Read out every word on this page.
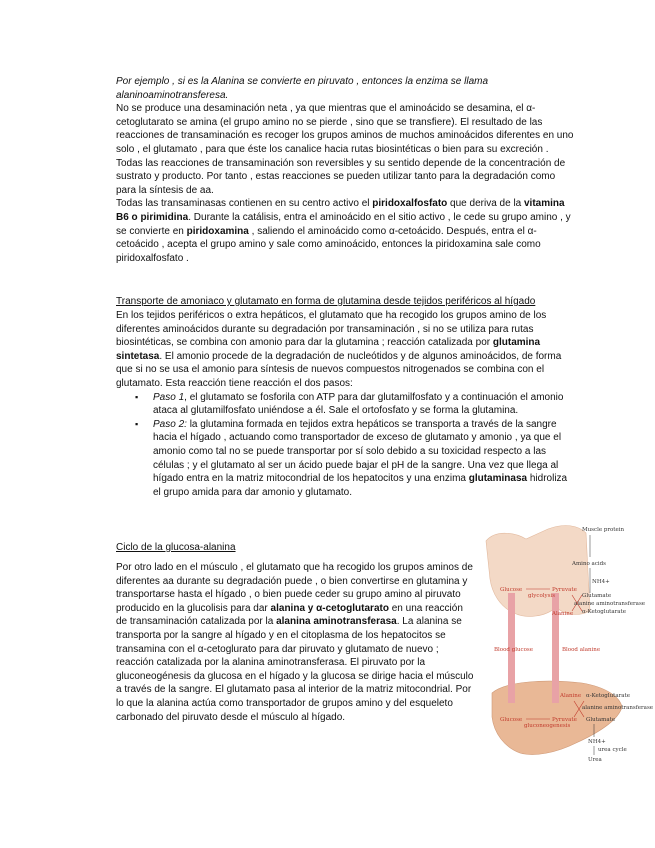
Por ejemplo , si es la Alanina se convierte en piruvato , entonces la enzima se llama alaninoaminotransferesa.

No se produce una desaminación neta , ya que mientras que el aminoácido se desamina, el α-cetoglutarato se amina (el grupo amino no se pierde , sino que se transfiere). El resultado de las reacciones de transaminación es recoger los grupos aminos de muchos aminoácidos diferentes en uno solo , el glutamato , para que éste los canalice hacia rutas biosintéticas o bien para su excreción .

Todas las reacciones de transaminación son reversibles y su sentido depende de la concentración de sustrato y producto. Por tanto , estas reacciones se pueden utilizar tanto para la degradación como para la síntesis de aa.

Todas las transaminasas contienen en su centro activo el piridoxalfosfato que deriva de la vitamina B6 o pirimidina. Durante la catálisis, entra el aminoácido en el sitio activo , le cede su grupo amino , y se convierte en piridoxamina , saliendo el aminoácido como α-cetoácido. Después, entra el α-cetoácido , acepta el grupo amino y sale como aminoácido, entonces la piridoxamina sale como piridoxalfosfato .

Transporte de amoniaco y glutamato en forma de glutamina desde tejidos periféricos al hígado

En los tejidos periféricos o extra hepáticos, el glutamato que ha recogido los grupos amino de los diferentes aminoácidos durante su degradación por transaminación , si no se utiliza para rutas biosintéticas, se combina con amonio para dar la glutamina ; reacción catalizada por glutamina sintetasa. El amonio procede de la degradación de nucleótidos y de algunos aminoácidos, de forma que si no se usa el amonio para síntesis de nuevos compuestos nitrogenados se combina con el glutamato. Esta reacción tiene reacción el dos pasos:

▪ Paso 1, el glutamato se fosforila con ATP para dar glutamilfosfato y a continuación el amonio ataca al glutamilfosfato uniéndose a él. Sale el ortofosfato y se forma la glutamina.
▪ Paso 2: la glutamina formada en tejidos extra hepáticos se transporta a través de la sangre hacia el hígado , actuando como transportador de exceso de glutamato y amonio , ya que el amonio como tal no se puede transportar por sí solo debido a su toxicidad respecto a las células ; y el glutamato al ser un ácido puede bajar el pH de la sangre. Una vez que llega al hígado entra en la matriz mitocondrial de los hepatocitos y una enzima glutaminasa hidroliza el grupo amida para dar amonio y glutamato.
Ciclo de la glucosa-alanina

Por otro lado en el músculo , el glutamato que ha recogido los grupos aminos de diferentes aa durante su degradación puede , o bien convertirse en glutamina y transportarse hasta el hígado , o bien puede ceder su grupo amino al piruvato producido en la glucolisis para dar alanina y α-cetoglutarato en una reacción de transaminación catalizada por la alanina aminotransferasa. La alanina se transporta por la sangre al hígado y en el citoplasma de los hepatocitos se transamina con el α-cetoglurato para dar piruvato y glutamato de nuevo ; reacción catalizada por la alanina aminotransferasa. El piruvato por la gluconeogénesis da glucosa en el hígado y la glucosa se dirige hacia el músculo a través de la sangre. El glutamato pasa al interior de la matriz mitocondrial. Por lo que la alanina actúa como transportador de grupos amino y del esqueleto carbonado del piruvato desde el músculo al hígado.

Muscle protein
Amino acids
NH4+
Glucose
glycolysis
Pyruvate
Glutamate
Alanine α-Ketoglutarate
alanine aminotransferase
Blood glucose	Blood alanine
Alanine α-Ketoglutarate
alanine aminotransferase
Glucose
gluconeogenesis
Pyruvate Glutamate
NH4+
urea cycle
Urea
